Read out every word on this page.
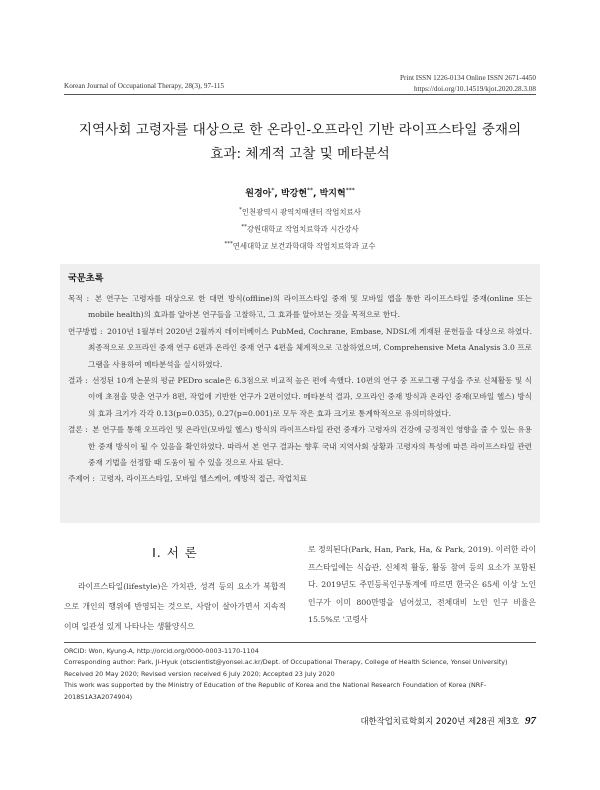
Korean Journal of Occupational Therapy, 28(3), 97-115
Print ISSN 1226-0134 Online ISSN 2671-4450
https://doi.org/10.14519/kjot.2020.28.3.08
지역사회 고령자를 대상으로 한 온라인-오프라인 기반 라이프스타일 중재의
효과: 체계적 고찰 및 메타분석
원경아*, 박강현**, 박지혁***
*인천광역시 광역치매센터 작업치료사
**강원대학교 작업치료학과 시간강사
***연세대학교 보건과학대학 작업치료학과 교수
국문초록
목적 : 본 연구는 고령자를 대상으로 한 대면 방식(offline)의 라이프스타일 중재 및 모바일 앱을 통한 라이프스타일 중재(online 또는 mobile health)의 효과를 알아본 연구들을 고찰하고, 그 효과를 알아보는 것을 목적으로 한다.
연구방법 : 2010년 1월부터 2020년 2월까지 데이터베이스 PubMed, Cochrane, Embase, NDSL에 게재된 문헌들을 대상으로 하였다. 최종적으로 오프라인 중재 연구 6편과 온라인 중재 연구 4편을 체계적으로 고찰하였으며, Comprehensive Meta Analysis 3.0 프로그램을 사용하여 메타분석을 실시하였다.
결과 : 선정된 10개 논문의 평균 PEDro scale은 6.3점으로 비교적 높은 편에 속했다. 10편의 연구 중 프로그램 구성을 주로 신체활동 및 식이에 초점을 맞춘 연구가 8편, 작업에 기반한 연구가 2편이었다. 메타분석 결과, 오프라인 중재 방식과 온라인 중재(모바일 헬스) 방식의 효과 크기가 각각 0.13(p=0.035), 0.27(p=0.001)로 모두 작은 효과 크기로 통계학적으로 유의미하였다.
결론 : 본 연구를 통해 오프라인 및 온라인(모바일 헬스) 방식의 라이프스타일 관련 중재가 고령자의 건강에 긍정적인 영향을 줄 수 있는 유용한 중재 방식이 될 수 있음을 확인하였다. 따라서 본 연구 결과는 향후 국내 지역사회 상황과 고령자의 특성에 따른 라이프스타일 관련 중재 기법을 선정할 때 도움이 될 수 있을 것으로 사료 된다.
주제어 : 고령자, 라이프스타일, 모바일 헬스케어, 예방적 접근, 작업치료
Ⅰ. 서 론

라이프스타일(lifestyle)은 가치관, 성격 등의 요소가 복합적으로 개인의 행위에 반영되는 것으로, 사람이 살아가면서 지속적이며 일관성 있게 나타나는 생활양식으

로 정의된다(Park, Han, Park, Ha, & Park, 2019). 이러한 라이프스타일에는 식습관, 신체적 활동, 활동 참여 등의 요소가 포함된다. 2019년도 주민등록인구통계에 따르면 한국은 65세 이상 노인 인구가 이미 800만명을 넘어섰고, 전체대비 노인 인구 비율은 15.5%로 '고령사

ORCID: Won, Kyung-A, http://orcid.org/0000-0003-1170-1104
Corresponding author: Park, Ji-Hyuk (otscientist@yonsei.ac.kr/Dept. of Occupational Therapy, College of Health Science, Yonsei University)
Received 20 May 2020; Revised version received 6 July 2020; Accepted 23 July 2020
This work was supported by the Ministry of Education of the Republic of Korea and the National Research Foundation of Korea (NRF-2018S1A3A2074904)
대한작업치료학회지 2020년 제28권 제3호 97
